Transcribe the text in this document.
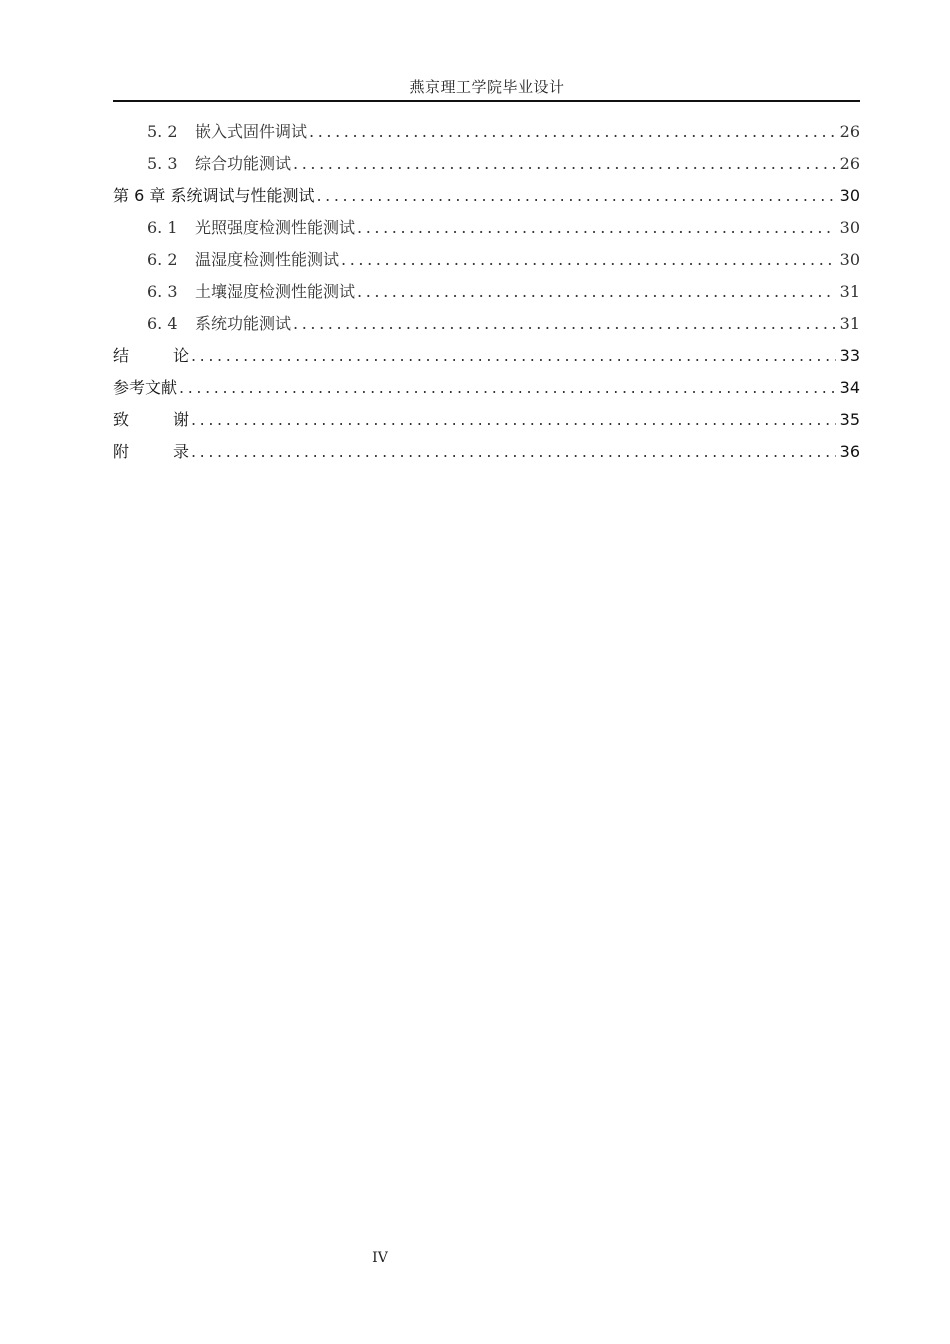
燕京理工学院毕业设计
5. 2	嵌入式固件调试 .....	26
5. 3	综合功能测试 .....	26
第 6 章 系统调试与性能测试 .....	30
6. 1	光照强度检测性能测试 .....	30
6. 2	温湿度检测性能测试 .....	30
6. 3	土壤湿度检测性能测试 .....	31
6. 4	系统功能测试 .....	31
结	论 .....	33
参考文献 .....	34
致	谢 .....	35
附	录 .....	36
IV
